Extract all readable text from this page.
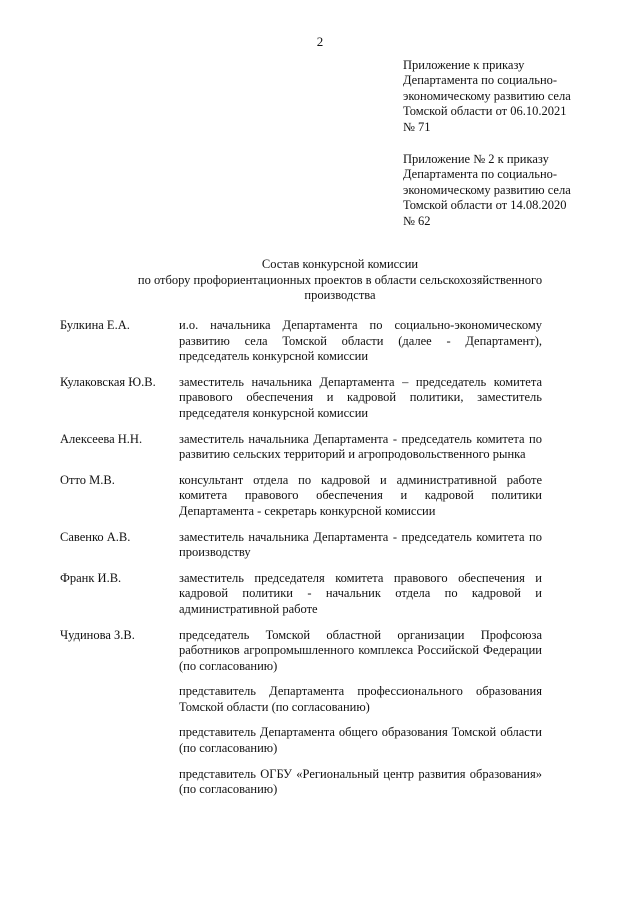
2
Приложение к приказу
Департамента по социально-
экономическому развитию села
Томской области от 06.10.2021
№ 71
Приложение № 2 к приказу
Департамента по социально-
экономическому развитию села
Томской области от 14.08.2020
№ 62
Состав конкурсной комиссии
по отбору профориентационных проектов в области сельскохозяйственного
производства
Булкина Е.А.	и.о. начальника Департамента по социально-экономическому развитию села Томской области (далее - Департамент), председатель конкурсной комиссии
Кулаковская Ю.В.	заместитель начальника Департамента – председатель комитета правового обеспечения и кадровой политики, заместитель председателя конкурсной комиссии
Алексеева Н.Н.	заместитель начальника Департамента - председатель комитета по развитию сельских территорий и агропродовольственного рынка
Отто М.В.	консультант отдела по кадровой и административной работе комитета правового обеспечения и кадровой политики Департамента - секретарь конкурсной комиссии
Савенко А.В.	заместитель начальника Департамента - председатель комитета по производству
Франк И.В.	заместитель председателя комитета правового обеспечения и кадровой политики - начальник отдела по кадровой и административной работе
Чудинова З.В.	председатель Томской областной организации Профсоюза работников агропромышленного комплекса Российской Федерации (по согласованию)
представитель Департамента профессионального образования Томской области (по согласованию)
представитель Департамента общего образования Томской области (по согласованию)
представитель ОГБУ «Региональный центр развития образования» (по согласованию)
